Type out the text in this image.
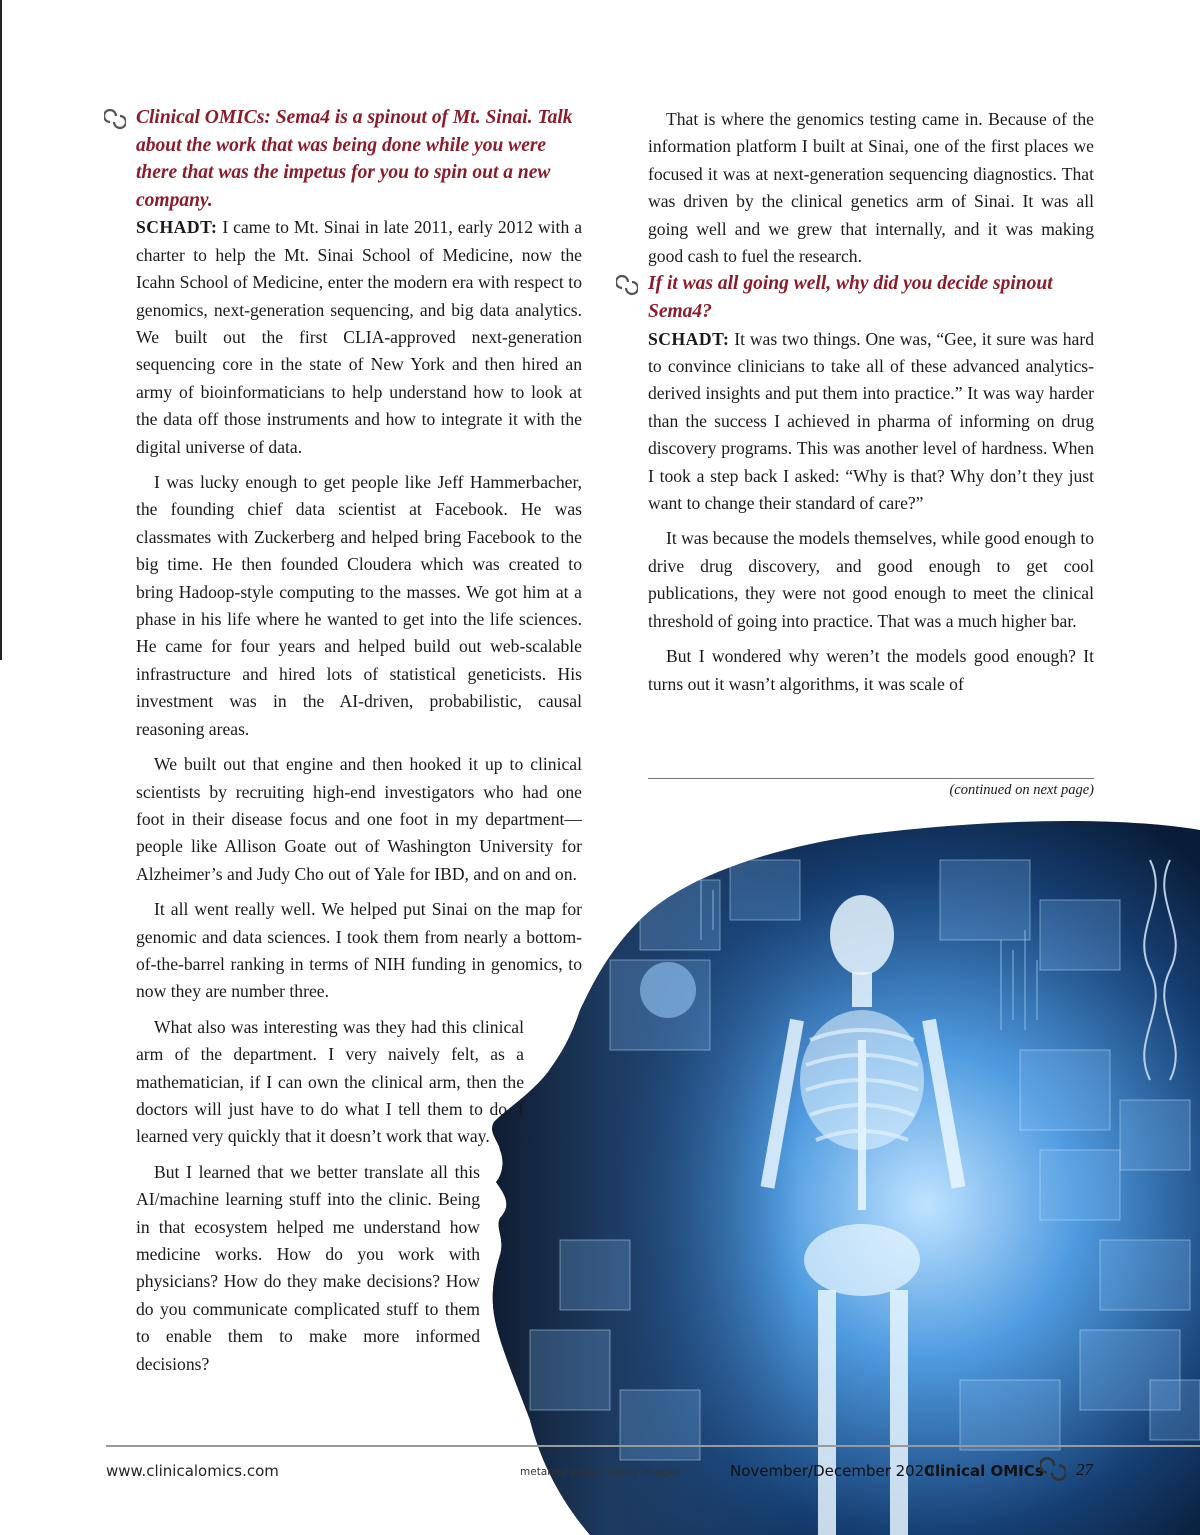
Clinical OMICs: Sema4 is a spinout of Mt. Sinai. Talk about the work that was being done while you were there that was the impetus for you to spin out a new company.

SCHADT: I came to Mt. Sinai in late 2011, early 2012 with a charter to help the Mt. Sinai School of Medicine, now the Icahn School of Medicine, enter the modern era with respect to genomics, next-generation sequencing, and big data analytics. We built out the first CLIA-approved next-generation sequencing core in the state of New York and then hired an army of bioinformaticians to help understand how to look at the data off those instruments and how to integrate it with the digital universe of data.

I was lucky enough to get people like Jeff Hammerbacher, the founding chief data scientist at Facebook. He was classmates with Zuckerberg and helped bring Facebook to the big time. He then founded Cloudera which was created to bring Hadoop-style computing to the masses. We got him at a phase in his life where he wanted to get into the life sciences. He came for four years and helped build out web-scalable infrastructure and hired lots of statistical geneticists. His investment was in the AI-driven, probabilistic, causal reasoning areas.

We built out that engine and then hooked it up to clinical scientists by recruiting high-end investigators who had one foot in their disease focus and one foot in my department—people like Allison Goate out of Washington University for Alzheimer’s and Judy Cho out of Yale for IBD, and on and on.

It all went really well. We helped put Sinai on the map for genomic and data sciences. I took them from nearly a bottom-of-the-barrel ranking in terms of NIH funding in genomics, to now they are number three.

What also was interesting was they had this clinical arm of the department. I very naively felt, as a mathematician, if I can own the clinical arm, then the doctors will just have to do what I tell them to do. I learned very quickly that it doesn’t work that way.

But I learned that we better translate all this AI/machine learning stuff into the clinic. Being in that ecosystem helped me understand how medicine works. How do you work with physicians? How do they make decisions? How do you communicate complicated stuff to them to enable them to make more informed decisions?

That is where the genomics testing came in. Because of the information platform I built at Sinai, one of the first places we focused it was at next-generation sequencing diagnostics. That was driven by the clinical genetics arm of Sinai. It was all going well and we grew that internally, and it was making good cash to fuel the research.

If it was all going well, why did you decide spinout Sema4?

SCHADT: It was two things. One was, “Gee, it sure was hard to convince clinicians to take all of these advanced analytics-derived insights and put them into practice.” It was way harder than the success I achieved in pharma of informing on drug discovery programs. This was another level of hardness. When I took a step back I asked: “Why is that? Why don’t they just want to change their standard of care?”

It was because the models themselves, while good enough to drive drug discovery, and good enough to get cool publications, they were not good enough to meet the clinical threshold of going into practice. That was a much higher bar.

But I wondered why weren’t the models good enough? It turns out it wasn’t algorithms, it was scale of

(continued on next page)
www.clinicalomics.com	metamorworks / Getty Images	November/December 2020
Clinical OMICs 27
